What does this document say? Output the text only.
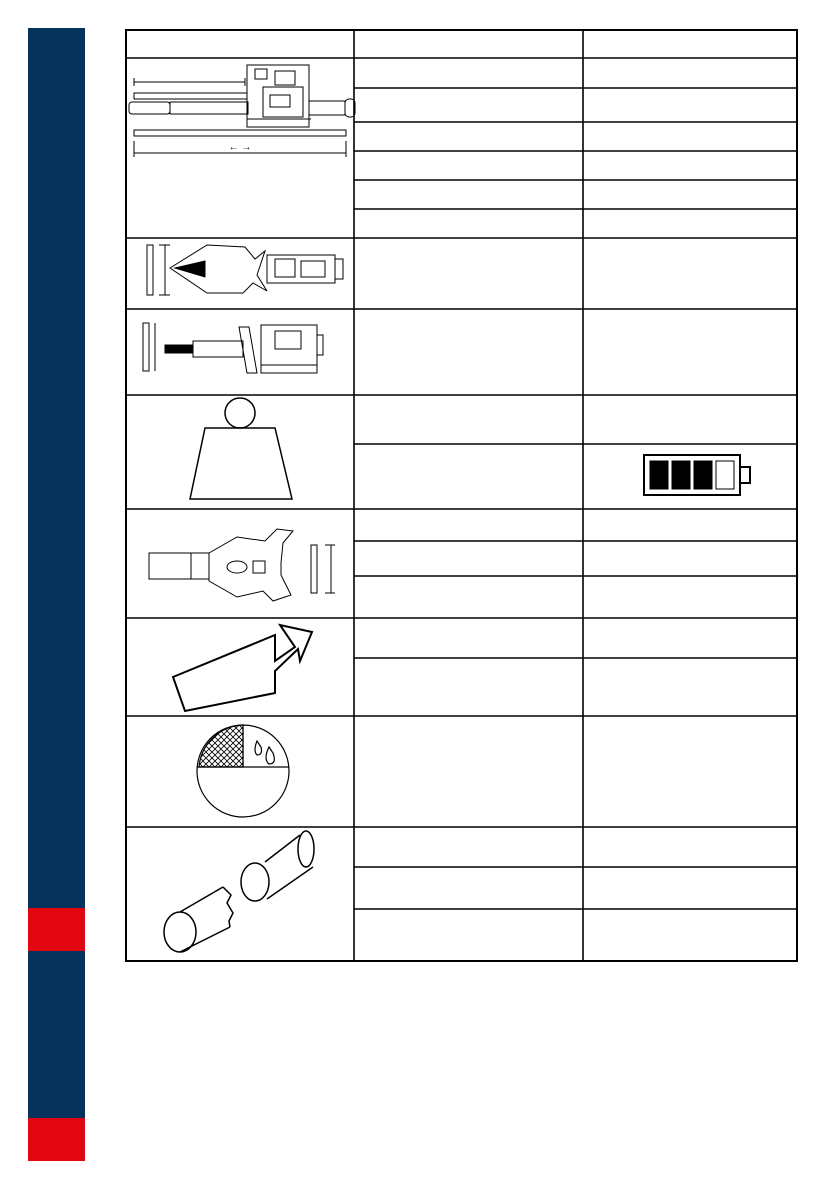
← →
